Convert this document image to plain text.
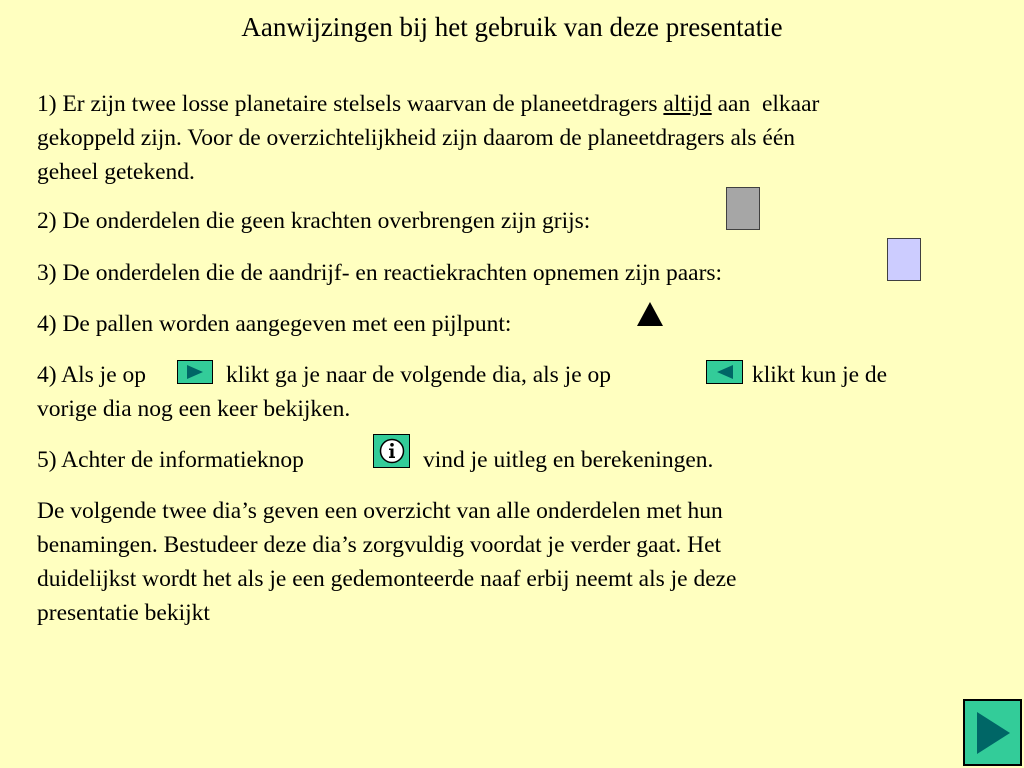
Aanwijzingen bij het gebruik van deze presentatie

1) Er zijn twee losse planetaire stelsels waarvan de planeetdragers altijd aan  elkaar
gekoppeld zijn. Voor de overzichtelijkheid zijn daarom de planeetdragers als één
geheel getekend.

2) De onderdelen die geen krachten overbrengen zijn grijs:

3) De onderdelen die de aandrijf- en reactiekrachten opnemen zijn paars:

4) De pallen worden aangegeven met een pijlpunt:

4) Als je op
vorige dia nog een keer bekijken.

klikt ga je naar de volgende dia, als je op	klikt kun je de

5) Achter de informatieknop	vind je uitleg en berekeningen.

De volgende twee dia’s geven een overzicht van alle onderdelen met hun
benamingen. Bestudeer deze dia’s zorgvuldig voordat je verder gaat. Het
duidelijkst wordt het als je een gedemonteerde naaf erbij neemt als je deze
presentatie bekijkt
